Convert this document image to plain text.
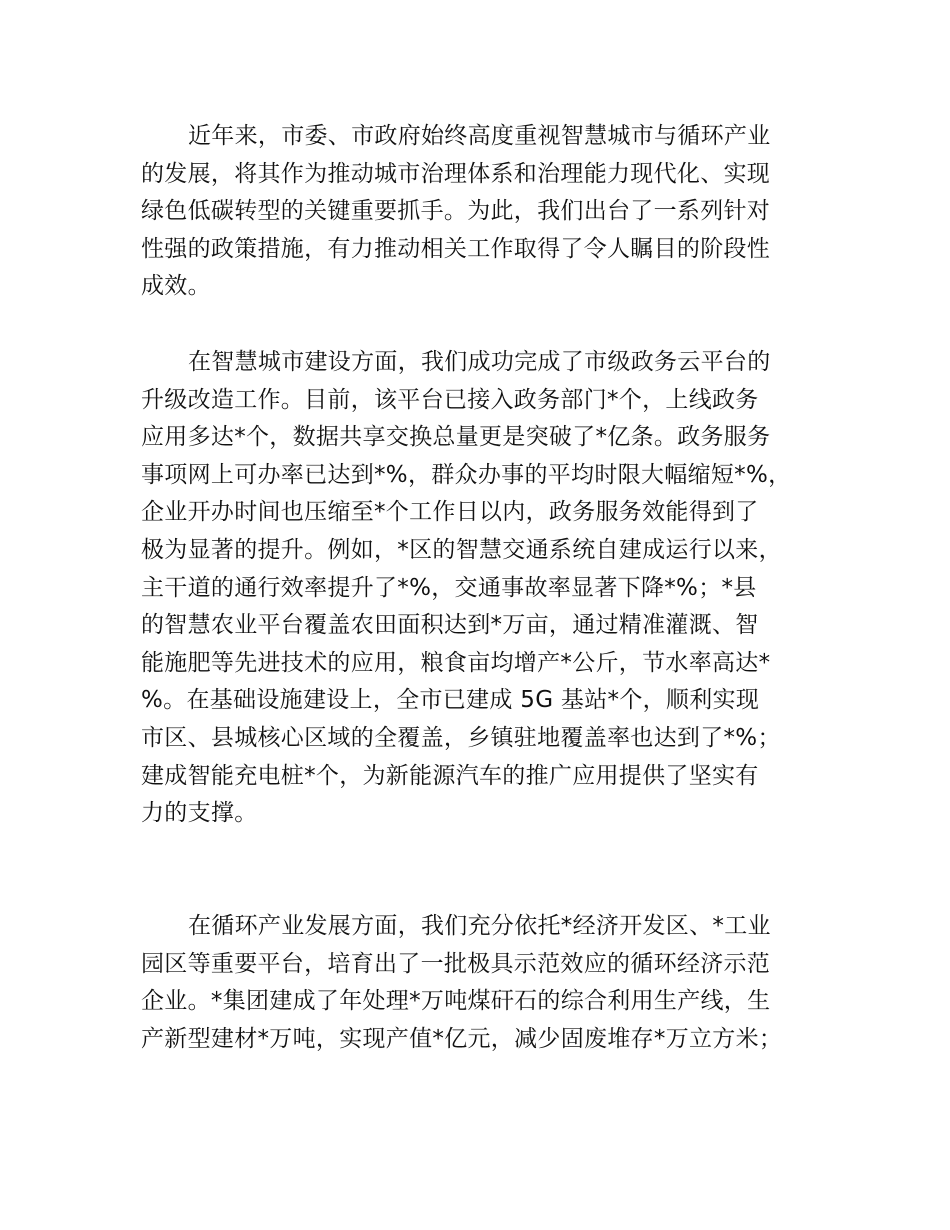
近年来，市委、市政府始终高度重视智慧城市与循环产业
的发展，将其作为推动城市治理体系和治理能力现代化、实现
绿色低碳转型的关键重要抓手。为此，我们出台了一系列针对
性强的政策措施，有力推动相关工作取得了令人瞩目的阶段性
成效。
在智慧城市建设方面，我们成功完成了市级政务云平台的
升级改造工作。目前，该平台已接入政务部门*个，上线政务
应用多达*个，数据共享交换总量更是突破了*亿条。政务服务
事项网上可办率已达到*%，群众办事的平均时限大幅缩短*%，
企业开办时间也压缩至*个工作日以内，政务服务效能得到了
极为显著的提升。例如，*区的智慧交通系统自建成运行以来，
主干道的通行效率提升了*%，交通事故率显著下降*%；*县
的智慧农业平台覆盖农田面积达到*万亩，通过精准灌溉、智
能施肥等先进技术的应用，粮食亩均增产*公斤，节水率高达*
%。在基础设施建设上，全市已建成 5G 基站*个，顺利实现
市区、县城核心区域的全覆盖，乡镇驻地覆盖率也达到了*%；
建成智能充电桩*个，为新能源汽车的推广应用提供了坚实有
力的支撑。
在循环产业发展方面，我们充分依托*经济开发区、*工业
园区等重要平台，培育出了一批极具示范效应的循环经济示范
企业。*集团建成了年处理*万吨煤矸石的综合利用生产线，生
产新型建材*万吨，实现产值*亿元，减少固废堆存*万立方米；
